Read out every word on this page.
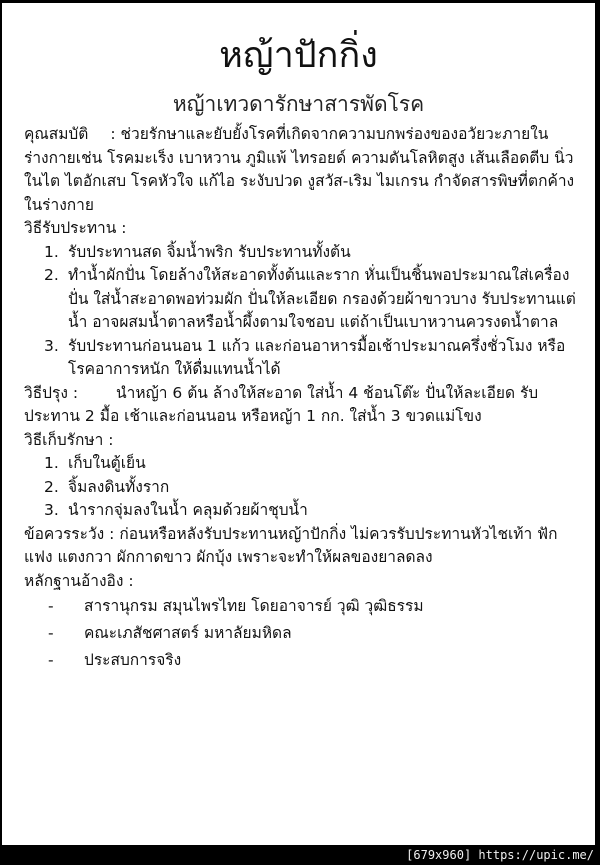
หญ้าปักกิ่ง
หญ้าเทวดารักษาสารพัดโรค

คุณสมบัติ : ช่วยรักษาและยับยั้งโรคที่เกิดจากความบกพร่องของอวัยวะภายในร่างกายเช่น โรคมะเร็ง เบาหวาน ภูมิแพ้ ไทรอยด์ ความดันโลหิตสูง เส้นเลือดตีบ นิ่วในไต ไตอักเสบ โรคหัวใจ แก้ไอ ระงับปวด งูสวัส-เริม ไมเกรน กำจัดสารพิษที่ตกค้างในร่างกาย

วิธีรับประทาน :
1. รับประทานสด จิ้มน้ำพริก รับประทานทั้งต้น
2. ทำน้ำผักปั่น โดยล้างให้สะอาดทั้งต้นและราก หั่นเป็นชิ้นพอประมาณใส่เครื่องปั่น ใส่น้ำสะอาดพอท่วมผัก ปั่นให้ละเอียด กรองด้วยผ้าขาวบาง รับประทานแต่น้ำ อาจผสมน้ำตาลหรือน้ำผึ้งตามใจชอบ แต่ถ้าเป็นเบาหวานควรงดน้ำตาล
3. รับประทานก่อนนอน 1 แก้ว และก่อนอาหารมื้อเช้าประมาณครึ่งชั่วโมง หรือโรคอาการหนัก ให้ดื่มแทนน้ำได้

วิธีปรุง : นำหญ้า 6 ต้น ล้างให้สะอาด ใส่น้ำ 4 ช้อนโต๊ะ ปั่นให้ละเอียด รับประทาน 2 มื้อ เช้าและก่อนนอน หรือหญ้า 1 กก. ใส่น้ำ 3 ขวดแม่โขง

วิธีเก็บรักษา :
1. เก็บในตู้เย็น
2. จิ้มลงดินทั้งราก
3. นำรากจุ่มลงในน้ำ คลุมด้วยผ้าชุบน้ำ

ข้อควรระวัง : ก่อนหรือหลังรับประทานหญ้าปักกิ่ง ไม่ควรรับประทานหัวไชเท้า ฟักแฟง แตงกวา ผักกาดขาว ผักบุ้ง เพราะจะทำให้ผลของยาลดลง

หลักฐานอ้างอิง :
- สารานุกรม สมุนไพรไทย โดยอาจารย์ วุฒิ วุฒิธรรม
- คณะเภสัชศาสตร์ มหาลัยมหิดล
- ประสบการจริง
[679x960] https://upic.me/
